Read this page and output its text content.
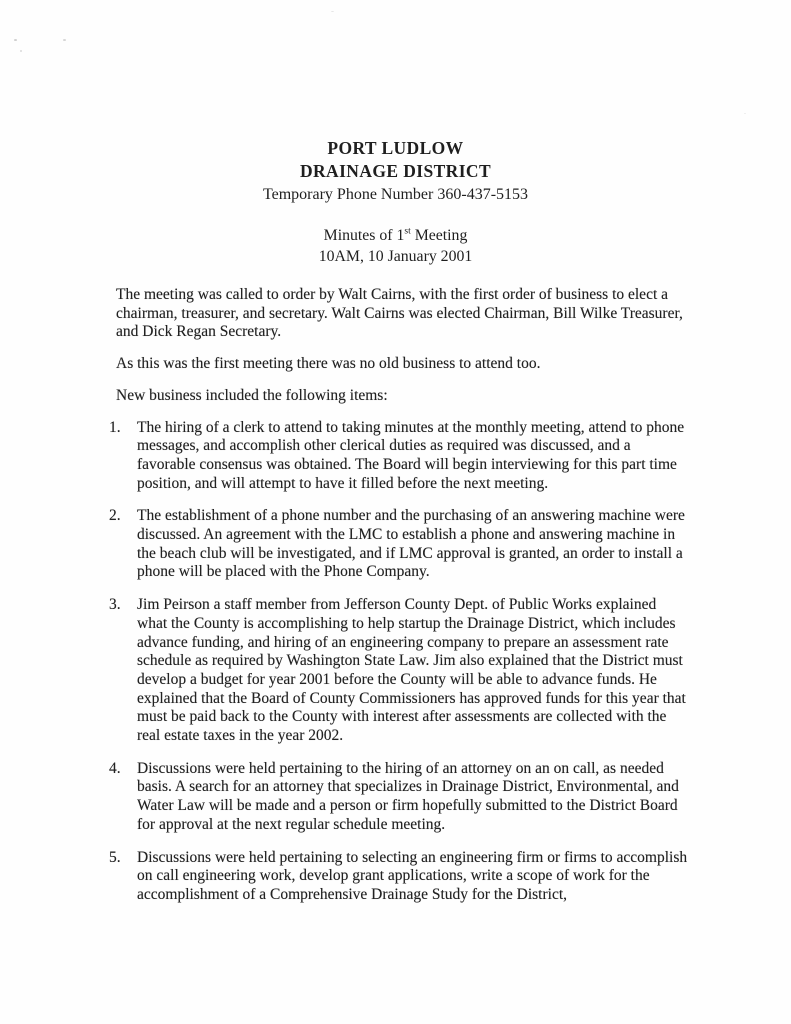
PORT LUDLOW
DRAINAGE DISTRICT
Temporary Phone Number 360-437-5153
Minutes of 1st Meeting
10AM, 10 January 2001

The meeting was called to order by Walt Cairns, with the first order of business to elect a chairman, treasurer, and secretary. Walt Cairns was elected Chairman, Bill Wilke Treasurer, and Dick Regan Secretary.

As this was the first meeting there was no old business to attend too.

New business included the following items:

1.	The hiring of a clerk to attend to taking minutes at the monthly meeting, attend to phone messages, and accomplish other clerical duties as required was discussed, and a favorable consensus was obtained. The Board will begin interviewing for this part time position, and will attempt to have it filled before the next meeting.
2.	The establishment of a phone number and the purchasing of an answering machine were discussed. An agreement with the LMC to establish a phone and answering machine in the beach club will be investigated, and if LMC approval is granted, an order to install a phone will be placed with the Phone Company.
3.	Jim Peirson a staff member from Jefferson County Dept. of Public Works explained what the County is accomplishing to help startup the Drainage District, which includes advance funding, and hiring of an engineering company to prepare an assessment rate schedule as required by Washington State Law. Jim also explained that the District must develop a budget for year 2001 before the County will be able to advance funds. He explained that the Board of County Commissioners has approved funds for this year that must be paid back to the County with interest after assessments are collected with the real estate taxes in the year 2002.
4.	Discussions were held pertaining to the hiring of an attorney on an on call, as needed basis. A search for an attorney that specializes in Drainage District, Environmental, and Water Law will be made and a person or firm hopefully submitted to the District Board for approval at the next regular schedule meeting.
5.	Discussions were held pertaining to selecting an engineering firm or firms to accomplish on call engineering work, develop grant applications, write a scope of work for the accomplishment of a Comprehensive Drainage Study for the District,
